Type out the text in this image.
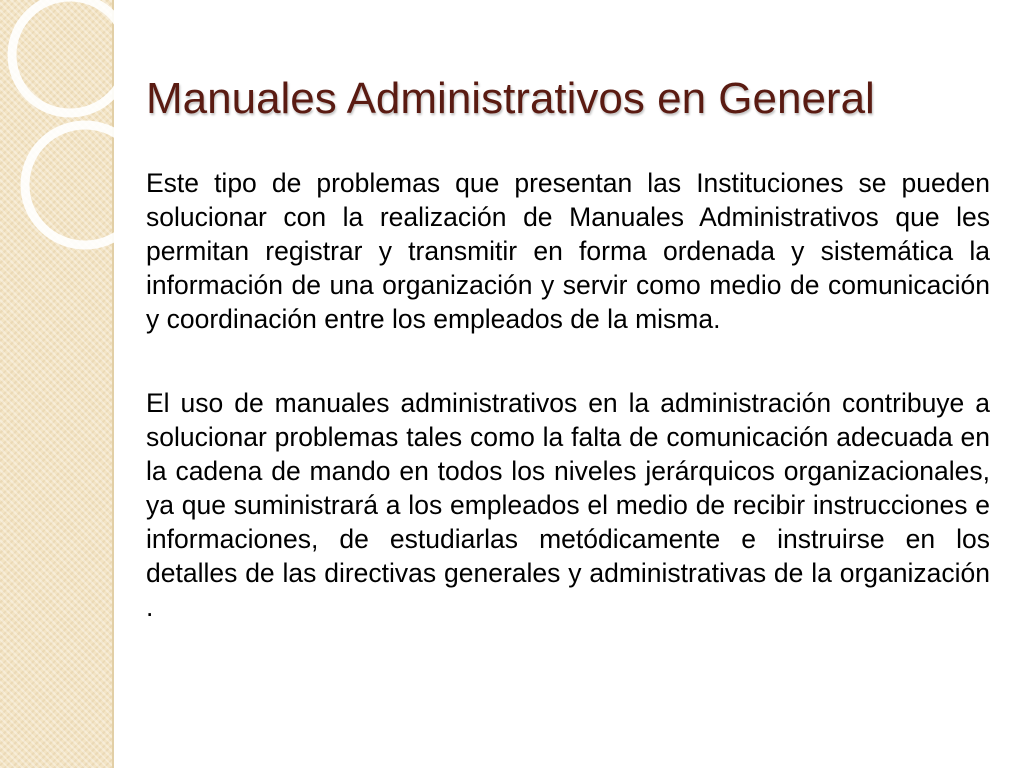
Manuales Administrativos en General

Este tipo de problemas que presentan las Instituciones se pueden solucionar con la realización de Manuales Administrativos que les permitan registrar y transmitir en forma ordenada y sistemática la información de una organización y servir como medio de comunicación y coordinación entre los empleados de la misma.

El uso de manuales administrativos en la administración contribuye a solucionar problemas tales como la falta de comunicación adecuada en la cadena de mando en todos los niveles jerárquicos organizacionales, ya que suministrará a los empleados el medio de recibir instrucciones e informaciones, de estudiarlas metódicamente e instruirse en los detalles de las directivas generales y administrativas de la organización .
